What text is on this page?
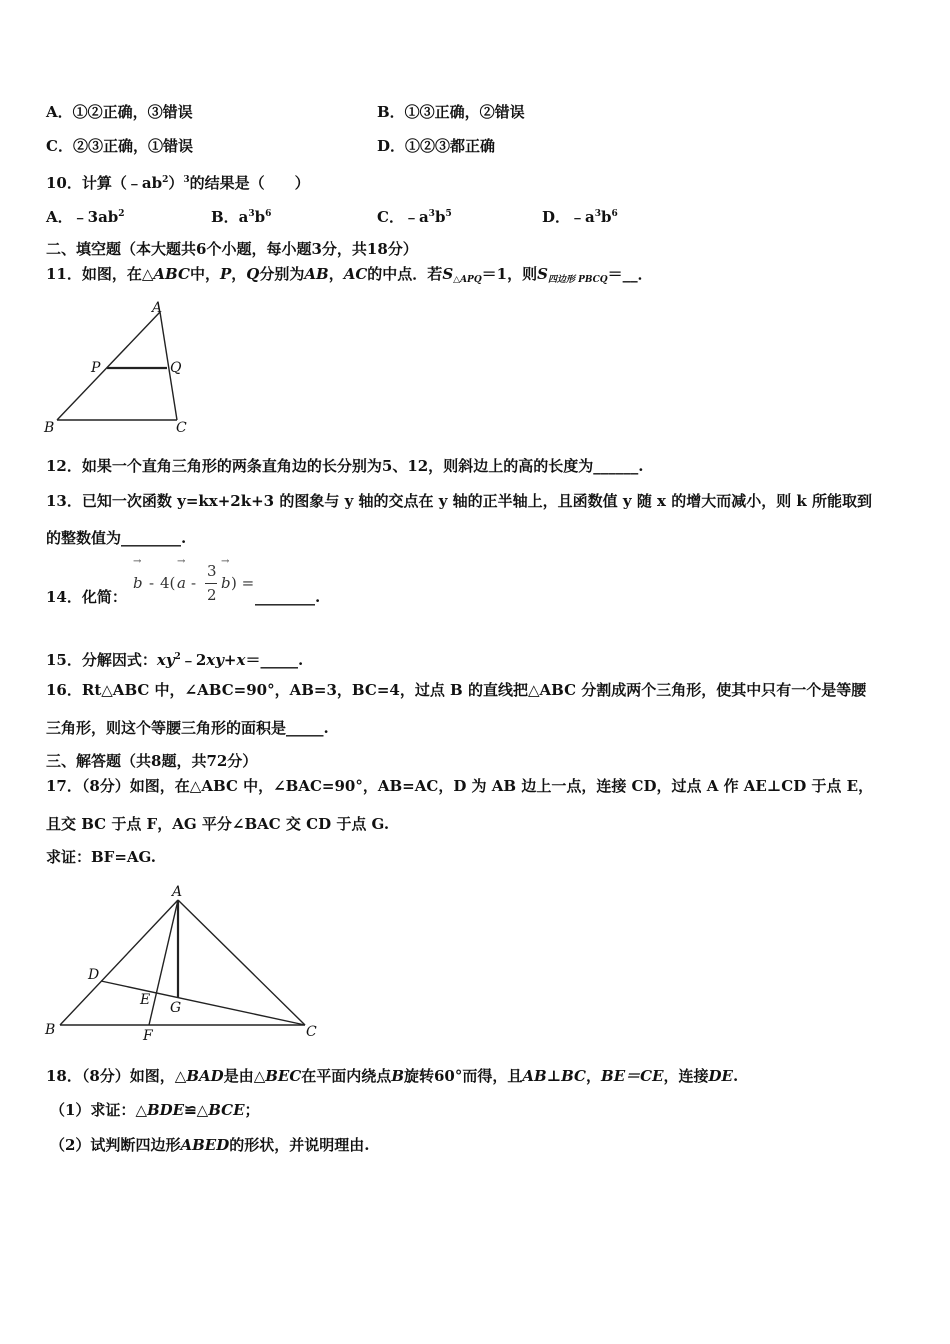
A．①②正确，③错误	B．①③正确，②错误
C．②③正确，①错误	D．①②③都正确
10．计算$(﹣ab^2)^3$的结果是（　　）
A．$﹣3ab^2$	B．$a^3b^6$	C．$﹣a^3b^5$	D．$﹣a^3b^6$
二、填空题（本大题共6个小题，每小题3分，共18分）
11．如图，在△ABC中，P，Q分别为AB，AC的中点．若$S_{\triangle APQ}=1$，则$S_{四边形 PBCQ}=\_\_$．
A
P	Q
B	C
12．如果一个直角三角形的两条直角边的长分别为5、12，则斜边上的高的长度为______.
13．已知一次函数 y=kx+2k+3 的图象与 y 轴的交点在 y 轴的正半轴上，且函数值 y 随 x 的增大而减小，则 k 所能取到
的整数值为________.
14．化简：
→
b - 4(
→
a -
3
2
→
b ) =
________.
15．分解因式：$xy^2﹣2xy+x=\_\_\_\_\_$.
16．Rt△ABC 中，∠ABC=90°，AB=3，BC=4，过点 B 的直线把△ABC 分割成两个三角形，使其中只有一个是等腰
三角形，则这个等腰三角形的面积是_____.
三、解答题（共8题，共72分）
17．（8分）如图，在△ABC 中，∠BAC=90°，AB=AC，D 为 AB 边上一点，连接 CD，过点 A 作 AE⊥CD 于点 E，
且交 BC 于点 F，AG 平分∠BAC 交 CD 于点 G.
求证：BF=AG.
A
D
E G
B	F	C
18．（8分）如图，△BAD是由△BEC在平面内绕点B旋转60°而得，且AB⊥BC，BE＝CE，连接DE.
（1）求证：△BDE≌△BCE；
（2）试判断四边形ABED的形状，并说明理由.
